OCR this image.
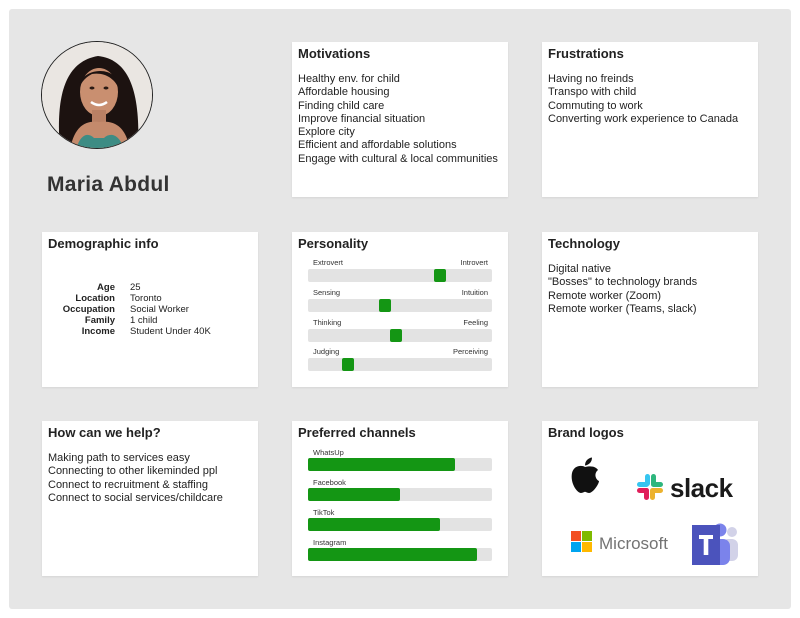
Maria Abdul
Motivations
Healthy env. for child
Affordable housing
Finding child care
Improve financial situation
Explore city
Efficient and affordable solutions
Engage with cultural & local communities
Frustrations
Having no freinds
Transpo with child
Commuting to work
Converting work experience to Canada
Demographic info
Age 25
Location Toronto
Occupation Social Worker
Family 1 child
Income Student Under 40K
Personality
Extrovert	Introvert
Sensing	Intuition
Thinking	Feeling
Judging	Perceiving
Technology
Digital native
"Bosses" to technology brands
Remote worker (Zoom)
Remote worker (Teams, slack)
How can we help?
Making path to services easy
Connecting to other likeminded ppl
Connect to recruitment & staffing
Connect to social services/childcare
Preferred channels
WhatsUp
Facebook
TikTok
Instagram
Brand logos
slack
Microsoft
